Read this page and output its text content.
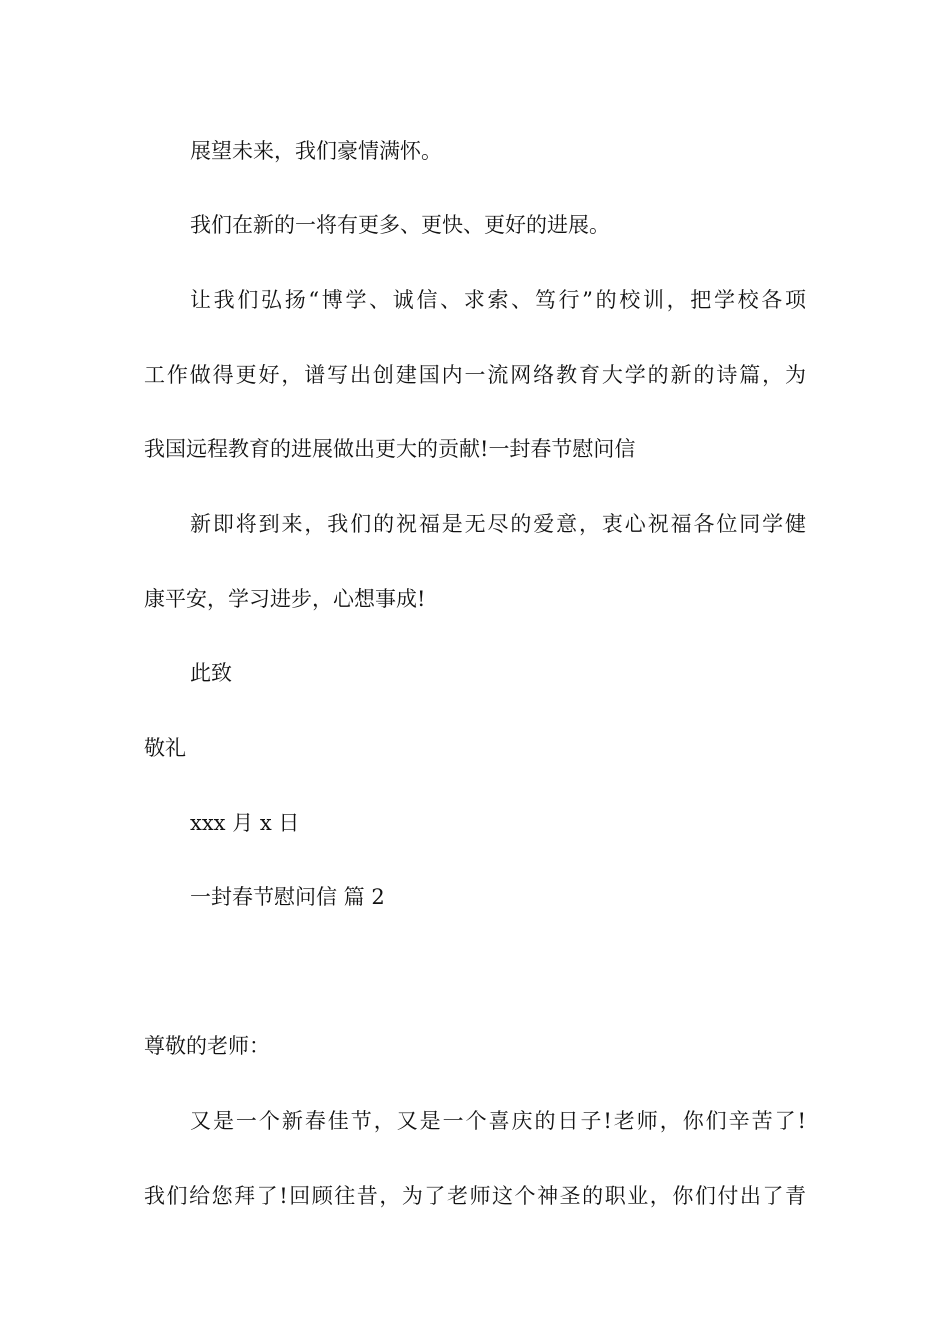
展望未来，我们豪情满怀。
我们在新的一将有更多、更快、更好的进展。
让我们弘扬“博学、诚信、求索、笃行”的校训，把学校各项
工作做得更好，谱写出创建国内一流网络教育大学的新的诗篇，为
我国远程教育的进展做出更大的贡献!一封春节慰问信
新即将到来，我们的祝福是无尽的爱意，衷心祝福各位同学健
康平安，学习进步，心想事成!
此致
敬礼
xxx 月 x 日
一封春节慰问信 篇 2
尊敬的老师：
又是一个新春佳节，又是一个喜庆的日子!老师，你们辛苦了!
我们给您拜了!回顾往昔，为了老师这个神圣的职业，你们付出了青
